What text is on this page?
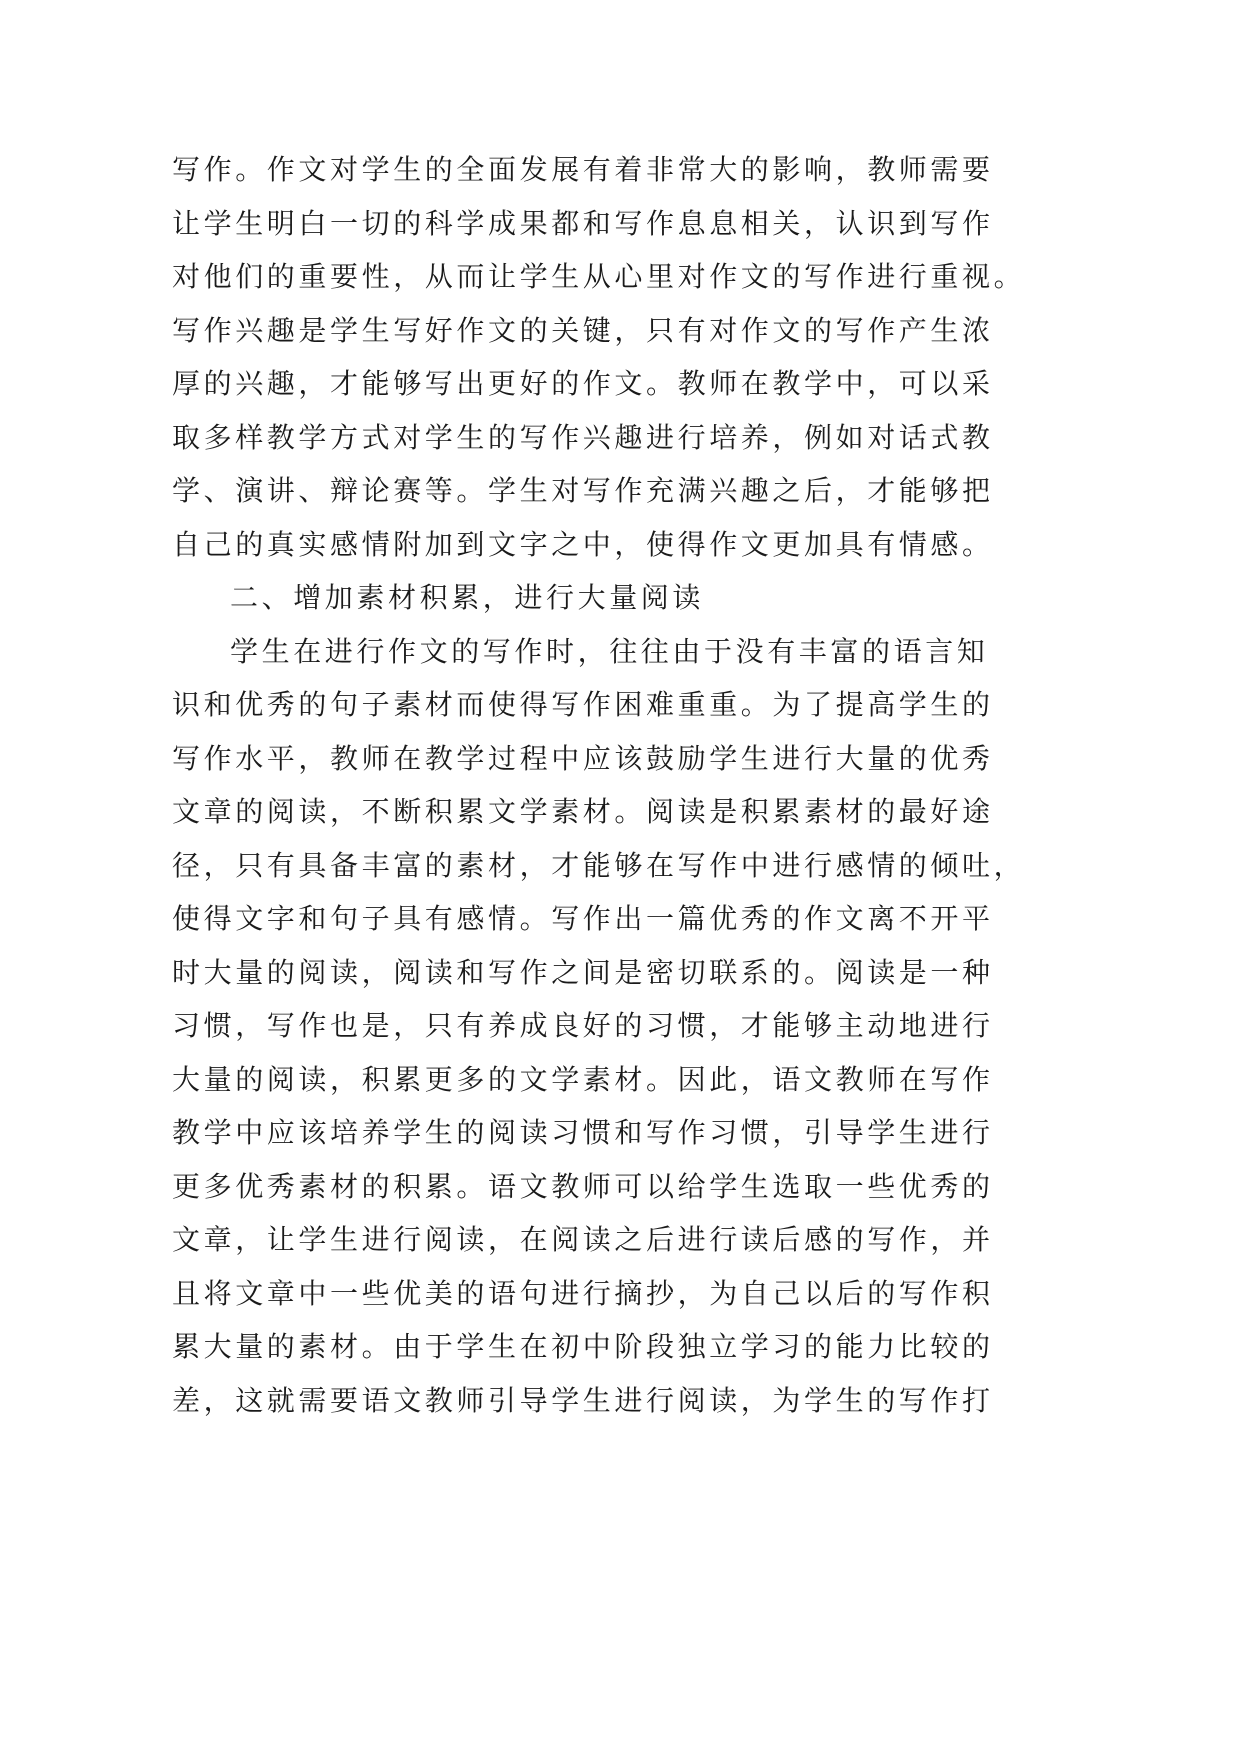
写作。作文对学生的全面发展有着非常大的影响，教师需要
让学生明白一切的科学成果都和写作息息相关，认识到写作
对他们的重要性，从而让学生从心里对作文的写作进行重视。
写作兴趣是学生写好作文的关键，只有对作文的写作产生浓
厚的兴趣，才能够写出更好的作文。教师在教学中，可以采
取多样教学方式对学生的写作兴趣进行培养，例如对话式教
学、演讲、辩论赛等。学生对写作充满兴趣之后，才能够把
自己的真实感情附加到文字之中，使得作文更加具有情感。
二、增加素材积累，进行大量阅读
学生在进行作文的写作时，往往由于没有丰富的语言知
识和优秀的句子素材而使得写作困难重重。为了提高学生的
写作水平，教师在教学过程中应该鼓励学生进行大量的优秀
文章的阅读，不断积累文学素材。阅读是积累素材的最好途
径，只有具备丰富的素材，才能够在写作中进行感情的倾吐，
使得文字和句子具有感情。写作出一篇优秀的作文离不开平
时大量的阅读，阅读和写作之间是密切联系的。阅读是一种
习惯，写作也是，只有养成良好的习惯，才能够主动地进行
大量的阅读，积累更多的文学素材。因此，语文教师在写作
教学中应该培养学生的阅读习惯和写作习惯，引导学生进行
更多优秀素材的积累。语文教师可以给学生选取一些优秀的
文章，让学生进行阅读，在阅读之后进行读后感的写作，并
且将文章中一些优美的语句进行摘抄，为自己以后的写作积
累大量的素材。由于学生在初中阶段独立学习的能力比较的
差，这就需要语文教师引导学生进行阅读，为学生的写作打
